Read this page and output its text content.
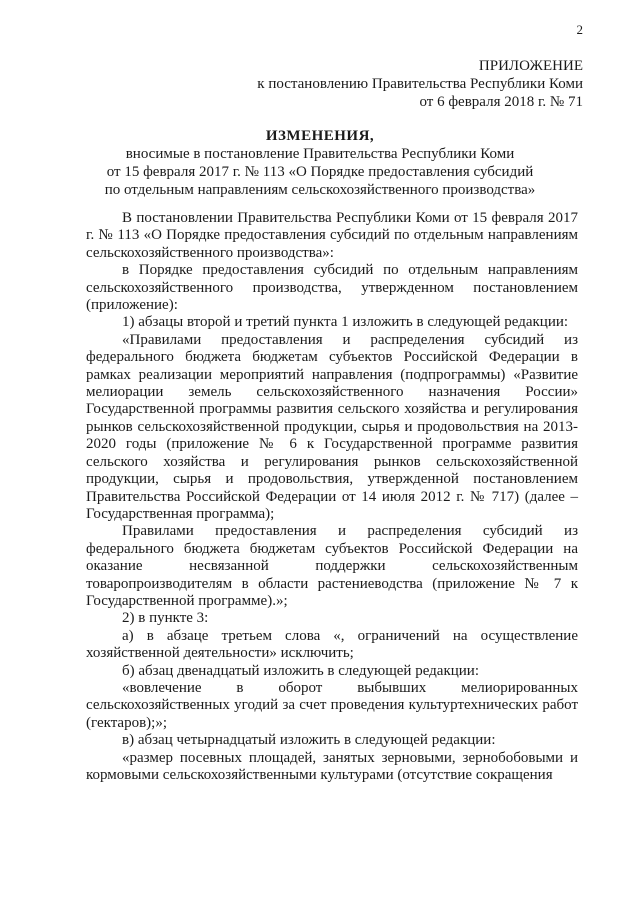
2
ПРИЛОЖЕНИЕ
к постановлению Правительства Республики Коми
от 6 февраля 2018 г. № 71
ИЗМЕНЕНИЯ,
вносимые в постановление Правительства Республики Коми
от 15 февраля 2017 г. № 113 «О Порядке предоставления субсидий
по отдельным направлениям сельскохозяйственного производства»

В постановлении Правительства Республики Коми от 15 февраля 2017 г. № 113 «О Порядке предоставления субсидий по отдельным направлениям сельскохозяйственного производства»:

в Порядке предоставления субсидий по отдельным направлениям сельскохозяйственного производства, утвержденном постановлением (приложение):

1) абзацы второй и третий пункта 1 изложить в следующей редакции:

«Правилами предоставления и распределения субсидий из федерального бюджета бюджетам субъектов Российской Федерации в рамках реализации мероприятий направления (подпрограммы) «Развитие мелиорации земель сельскохозяйственного назначения России» Государственной программы развития сельского хозяйства и регулирования рынков сельскохозяйственной продукции, сырья и продовольствия на 2013-2020 годы (приложение № 6 к Государственной программе развития сельского хозяйства и регулирования рынков сельскохозяйственной продукции, сырья и продовольствия, утвержденной постановлением Правительства Российской Федерации от 14 июля 2012 г. № 717) (далее – Государственная программа);

Правилами предоставления и распределения субсидий из федерального бюджета бюджетам субъектов Российской Федерации на оказание несвязанной поддержки сельскохозяйственным товаропроизводителям в области растениеводства (приложение № 7 к Государственной программе).»;

2) в пункте 3:

а) в абзаце третьем слова «, ограничений на осуществление хозяйственной деятельности» исключить;

б) абзац двенадцатый изложить в следующей редакции:

«вовлечение в оборот выбывших мелиорированных сельскохозяйственных угодий за счет проведения культуртехнических работ (гектаров);»;

в) абзац четырнадцатый изложить в следующей редакции:

«размер посевных площадей, занятых зерновыми, зернобобовыми и кормовыми сельскохозяйственными культурами (отсутствие сокращения
